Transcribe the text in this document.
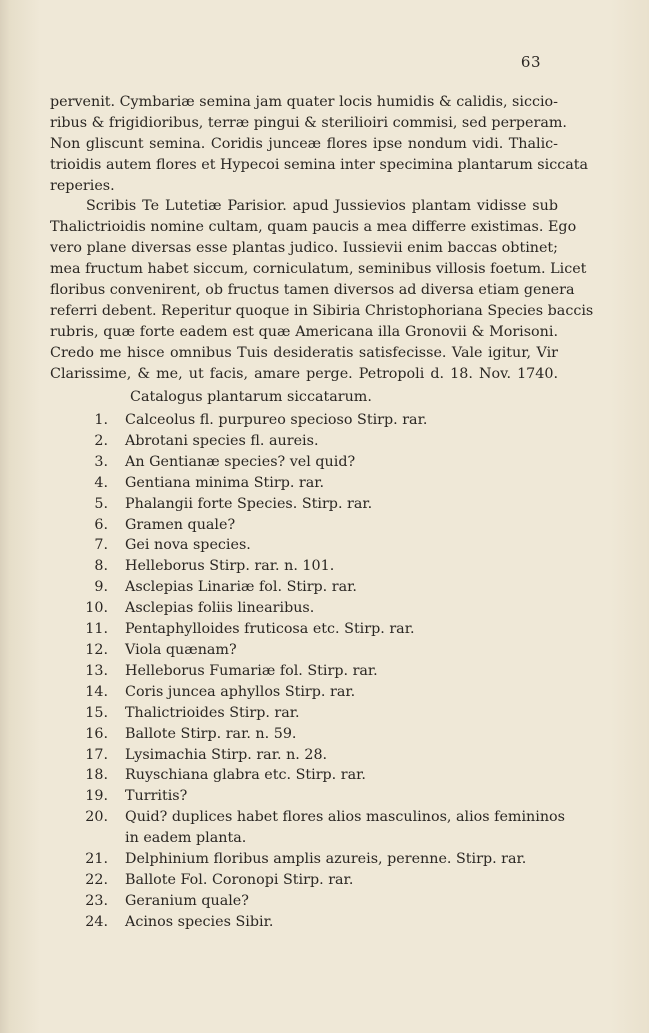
63
pervenit. Cymbariæ semina jam quater locis humidis & calidis, siccio-
ribus & frigidioribus, terræ pingui & sterilioiri commisi, sed perperam.
Non gliscunt semina. Coridis junceæ flores ipse nondum vidi. Thalic-
trioidis autem flores et Hypecoi semina inter specimina plantarum siccata
reperies.
Scribis Te Lutetiæ Parisior. apud Jussievios plantam vidisse sub
Thalictrioidis nomine cultam, quam paucis a mea differre existimas. Ego
vero plane diversas esse plantas judico. Iussievii enim baccas obtinet;
mea fructum habet siccum, corniculatum, seminibus villosis foetum. Licet
floribus convenirent, ob fructus tamen diversos ad diversa etiam genera
referri debent. Reperitur quoque in Sibiria Christophoriana Species baccis
rubris, quæ forte eadem est quæ Americana illa Gronovii & Morisoni.
Credo me hisce omnibus Tuis desideratis satisfecisse. Vale igitur, Vir
Clarissime, & me, ut facis, amare perge. Petropoli d. 18. Nov. 1740.
Catalogus plantarum siccatarum.
1. Calceolus fl. purpureo specioso Stirp. rar.
2. Abrotani species fl. aureis.
3. An Gentianæ species? vel quid?
4. Gentiana minima Stirp. rar.
5. Phalangii forte Species. Stirp. rar.
6. Gramen quale?
7. Gei nova species.
8. Helleborus Stirp. rar. n. 101.
9. Asclepias Linariæ fol. Stirp. rar.
10. Asclepias foliis linearibus.
11. Pentaphylloides fruticosa etc. Stirp. rar.
12. Viola quænam?
13. Helleborus Fumariæ fol. Stirp. rar.
14. Coris juncea aphyllos Stirp. rar.
15. Thalictrioides Stirp. rar.
16. Ballote Stirp. rar. n. 59.
17. Lysimachia Stirp. rar. n. 28.
18. Ruyschiana glabra etc. Stirp. rar.
19. Turritis?
20. Quid? duplices habet flores alios masculinos, alios femininos
in eadem planta.
21. Delphinium floribus amplis azureis, perenne. Stirp. rar.
22. Ballote Fol. Coronopi Stirp. rar.
23. Geranium quale?
24. Acinos species Sibir.
